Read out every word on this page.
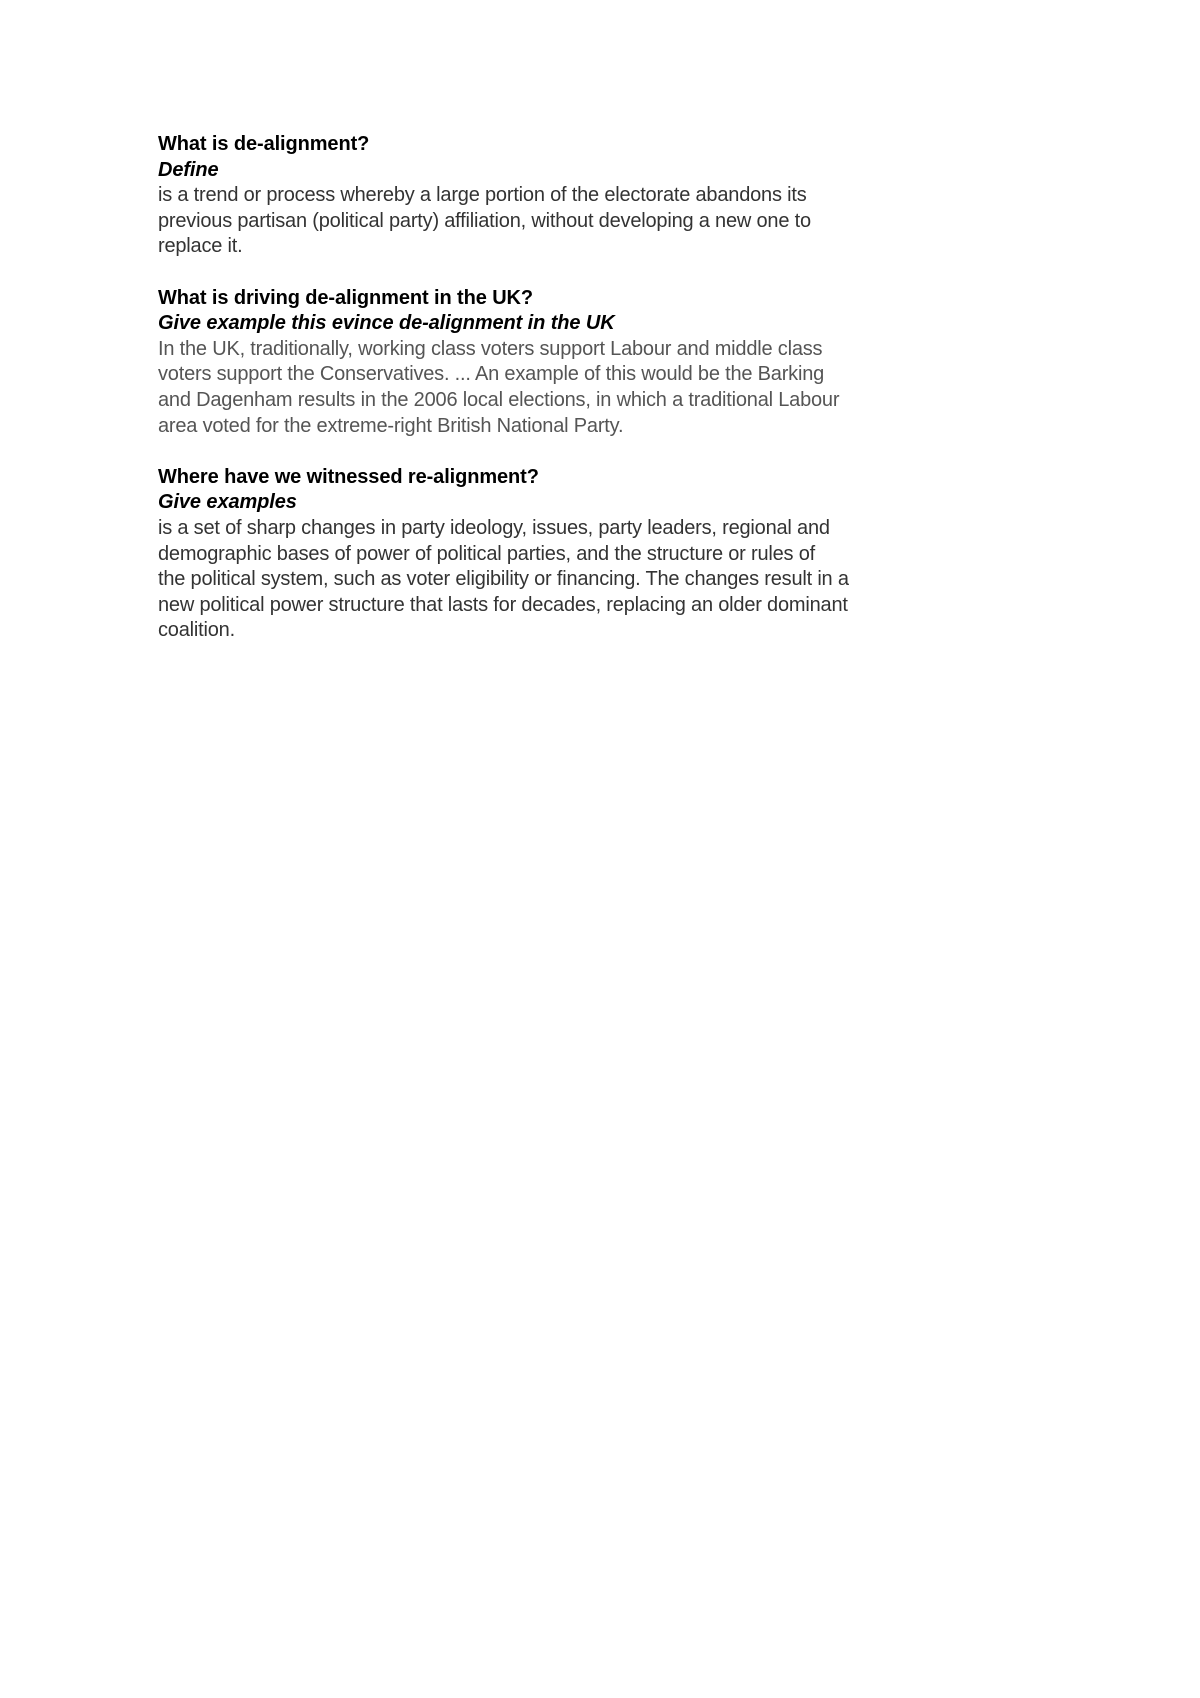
What is de-alignment?

Define

is a trend or process whereby a large portion of the electorate abandons its
previous partisan (political party) affiliation, without developing a new one to
replace it.

What is driving de-alignment in the UK?

Give example this evince de-alignment in the UK

In the UK, traditionally, working class voters support Labour and middle class
voters support the Conservatives. ... An example of this would be the Barking
and Dagenham results in the 2006 local elections, in which a traditional Labour
area voted for the extreme-right British National Party.

Where have we witnessed re-alignment?

Give examples

is a set of sharp changes in party ideology, issues, party leaders, regional and
demographic bases of power of political parties, and the structure or rules of
the political system, such as voter eligibility or financing. The changes result in a
new political power structure that lasts for decades, replacing an older dominant
coalition.
